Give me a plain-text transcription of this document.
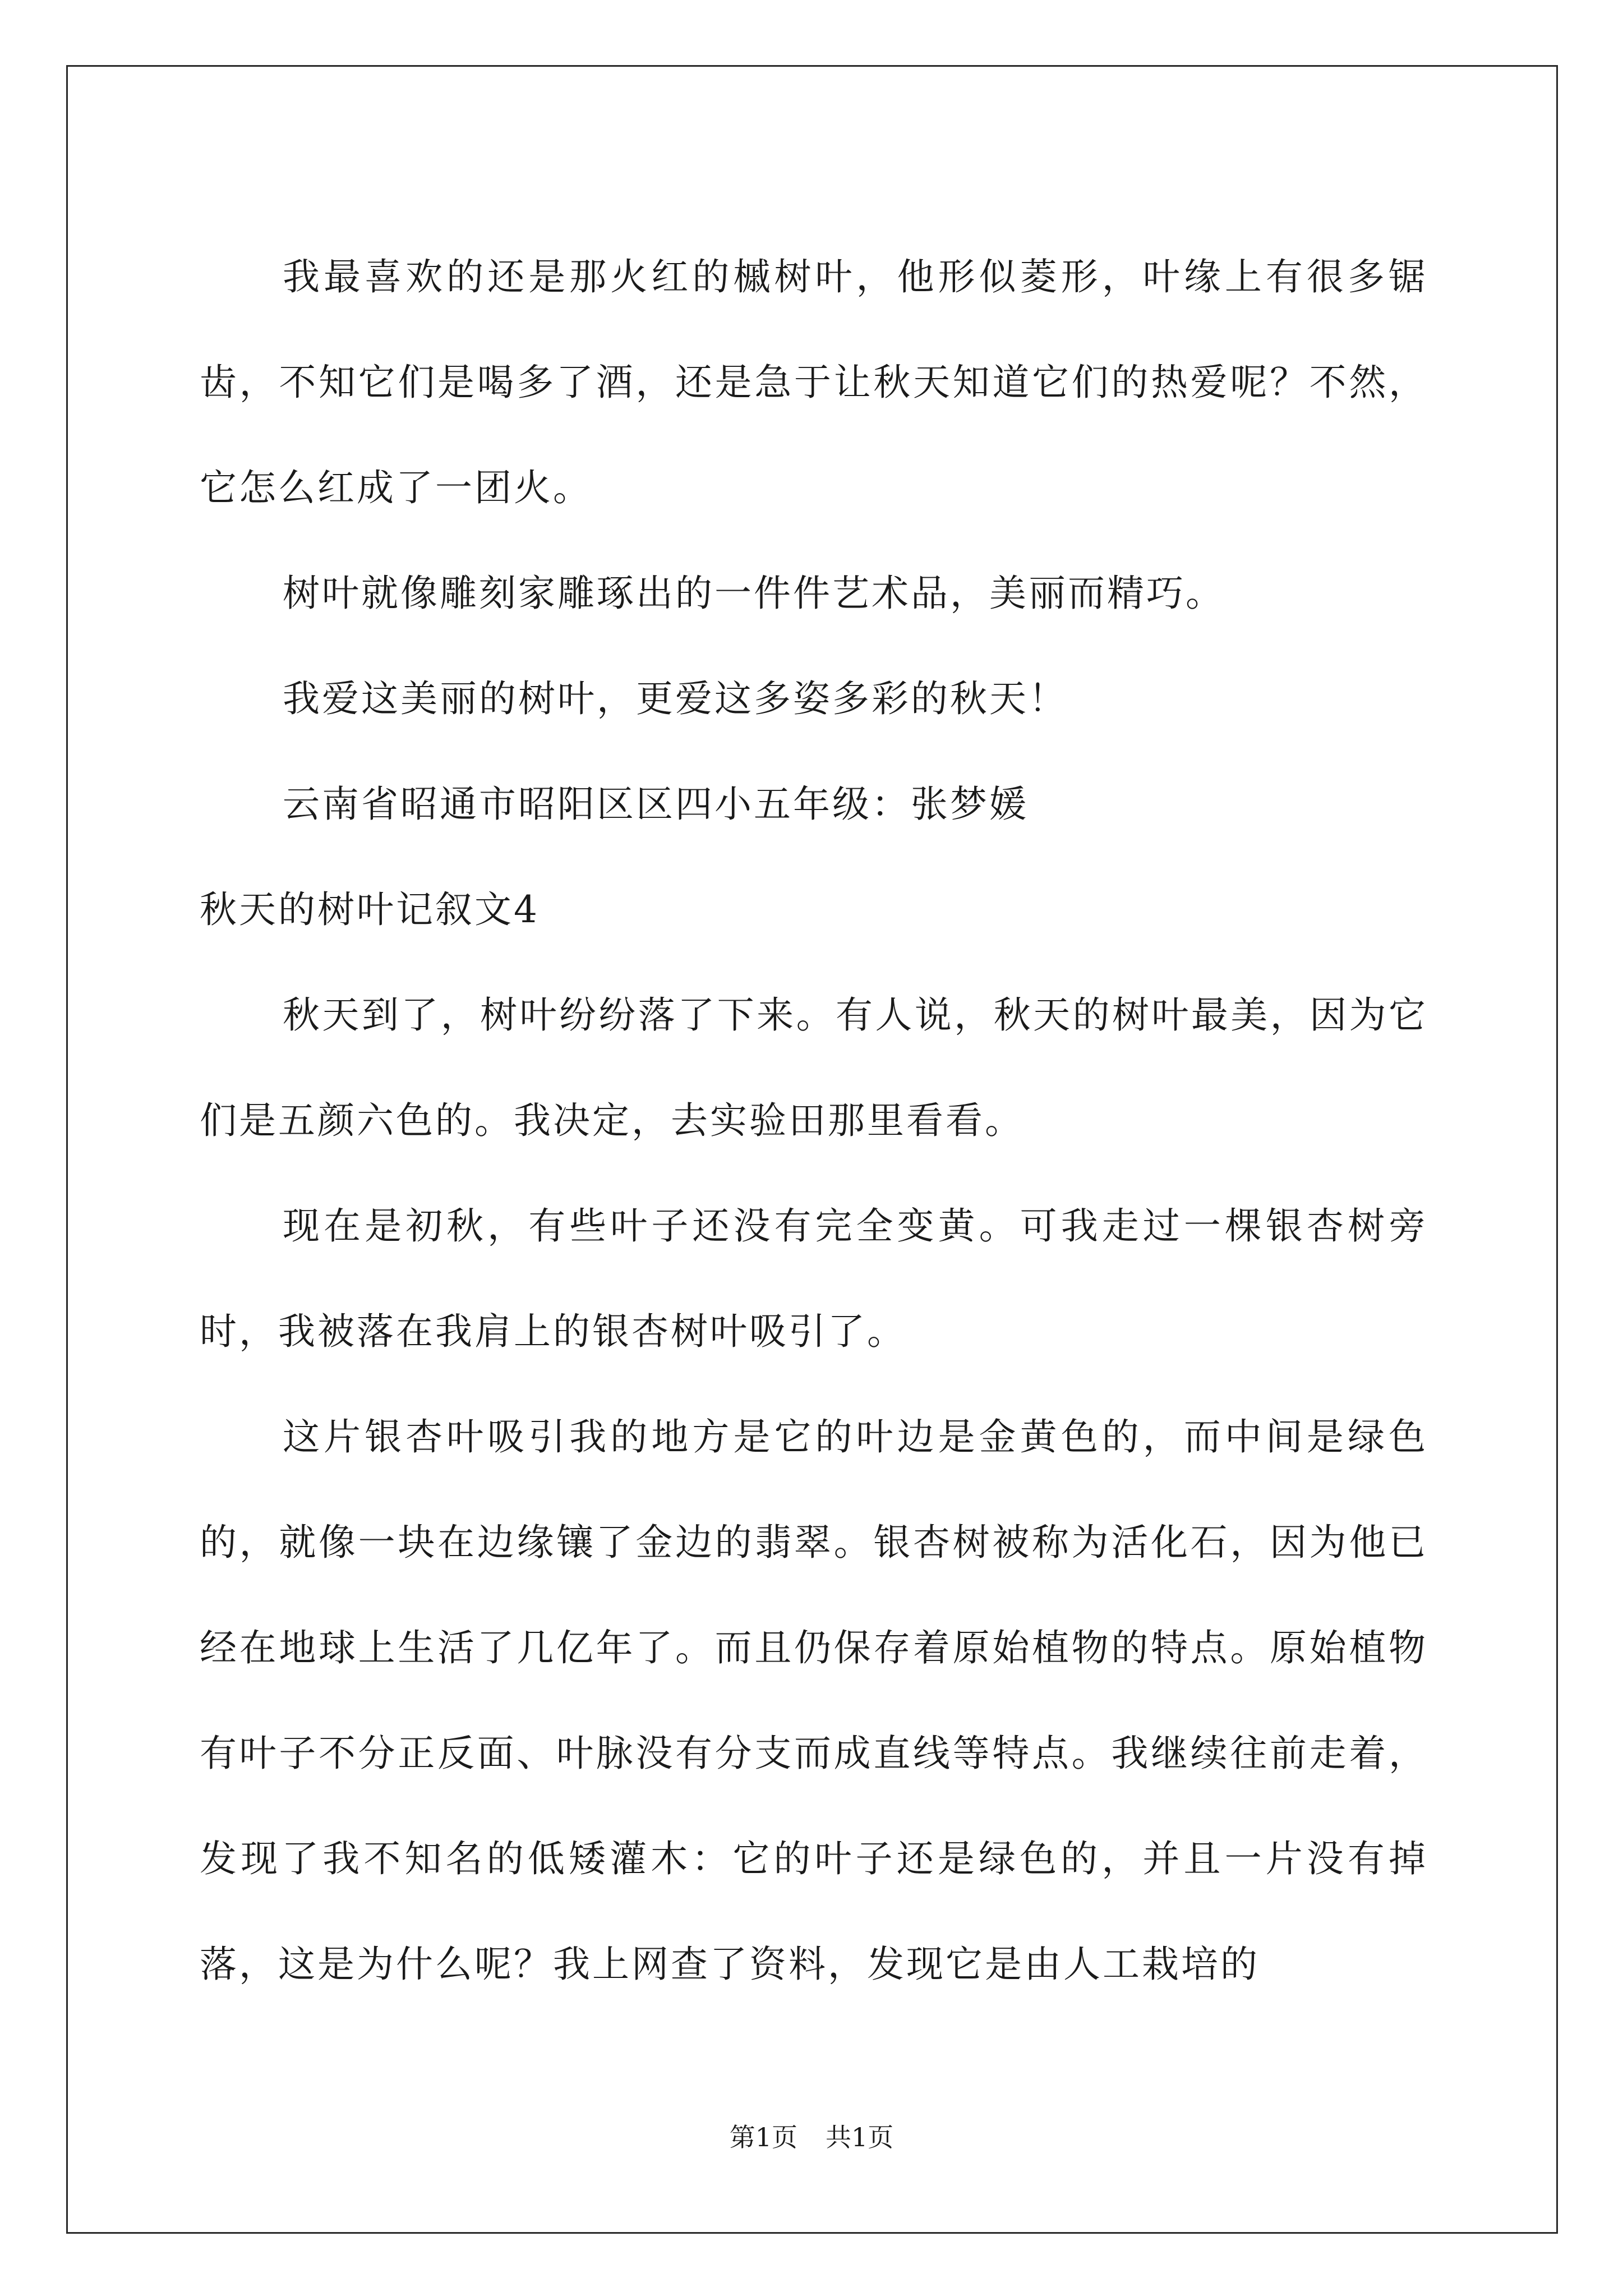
我最喜欢的还是那火红的槭树叶，他形似菱形，叶缘上有很多锯齿，不知它们是喝多了酒，还是急于让秋天知道它们的热爱呢？不然，它怎么红成了一团火。

树叶就像雕刻家雕琢出的一件件艺术品，美丽而精巧。

我爱这美丽的树叶，更爱这多姿多彩的秋天！

云南省昭通市昭阳区区四小五年级：张梦媛

秋天的树叶记叙文4

秋天到了，树叶纷纷落了下来。有人说，秋天的树叶最美，因为它们是五颜六色的。我决定，去实验田那里看看。

现在是初秋，有些叶子还没有完全变黄。可我走过一棵银杏树旁时，我被落在我肩上的银杏树叶吸引了。

这片银杏叶吸引我的地方是它的叶边是金黄色的，而中间是绿色的，就像一块在边缘镶了金边的翡翠。银杏树被称为活化石，因为他已经在地球上生活了几亿年了。而且仍保存着原始植物的特点。原始植物有叶子不分正反面、叶脉没有分支而成直线等特点。我继续往前走着，发现了我不知名的低矮灌木：它的叶子还是绿色的，并且一片没有掉落，这是为什么呢？我上网查了资料，发现它是由人工栽培的

第1页 共1页
